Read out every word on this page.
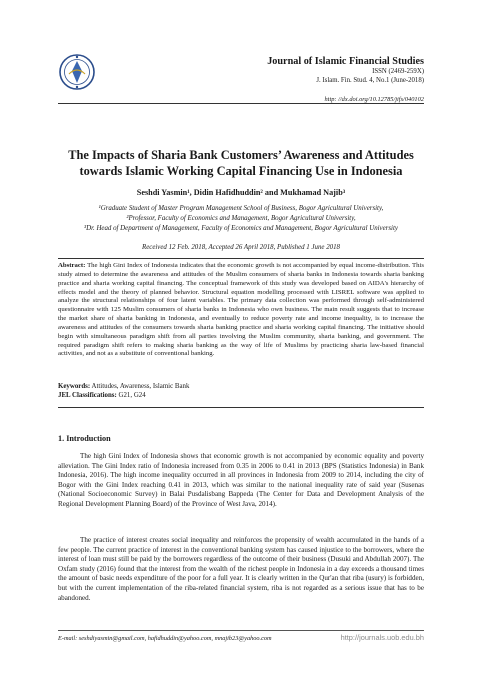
Journal of Islamic Financial Studies
ISSN (2469-259X)
J. Islam. Fin. Stud. 4, No.1 (June-2018)
http: //dx.doi.org/10.12785/jifs/040102
The Impacts of Sharia Bank Customers’ Awareness and Attitudes towards Islamic Working Capital Financing Use in Indonesia
Seshdi Yasmin¹, Didin Hafidhuddin² and Mukhamad Najib³
¹Graduate Student of Master Program Management School of Business, Bogor Agricultural University,
²Professor, Faculty of Economics and Management, Bogor Agricultural University,
³Dr. Head of Department of Management, Faculty of Economics and Management, Bogor Agricultural University
Received 12 Feb. 2018, Accepted 26 April 2018, Published 1 June 2018
Abstract: The high Gini Index of Indonesia indicates that the economic growth is not accompanied by equal income-distribution. This study aimed to determine the awareness and attitudes of the Muslim consumers of sharia banks in Indonesia towards sharia banking practice and sharia working capital financing. The conceptual framework of this study was developed based on AIDA's hierarchy of effects model and the theory of planned behavior. Structural equation modelling processed with LISREL software was applied to analyze the structural relationships of four latent variables. The primary data collection was performed through self-administered questionnaire with 125 Muslim consumers of sharia banks in Indonesia who own business. The main result suggests that to increase the market share of sharia banking in Indonesia, and eventually to reduce poverty rate and income inequality, is to increase the awareness and attitudes of the consumers towards sharia banking practice and sharia working capital financing. The initiative should begin with simultaneous paradigm shift from all parties involving the Muslim community, sharia banking, and government. The required paradigm shift refers to making sharia banking as the way of life of Muslims by practicing sharia law-based financial activities, and not as a substitute of conventional banking.
Keywords: Attitudes, Awareness, Islamic Bank
JEL Classifications: G21, G24
1. Introduction
The high Gini Index of Indonesia shows that economic growth is not accompanied by economic equality and poverty alleviation. The Gini Index ratio of Indonesia increased from 0.35 in 2006 to 0.41 in 2013 (BPS (Statistics Indonesia) in Bank Indonesia, 2016). The high income inequality occurred in all provinces in Indonesia from 2009 to 2014, including the city of Bogor with the Gini Index reaching 0.41 in 2013, which was similar to the national inequality rate of said year (Susenas (National Socioeconomic Survey) in Balai Pusdalisbang Bappeda (The Center for Data and Development Analysis of the Regional Development Planning Board) of the Province of West Java, 2014).
The practice of interest creates social inequality and reinforces the propensity of wealth accumulated in the hands of a few people. The current practice of interest in the conventional banking system has caused injustice to the borrowers, where the interest of loan must still be paid by the borrowers regardless of the outcome of their business (Dusuki and Abdullah 2007). The Oxfam study (2016) found that the interest from the wealth of the richest people in Indonesia in a day exceeds a thousand times the amount of basic needs expenditure of the poor for a full year. It is clearly written in the Qur'an that riba (usury) is forbidden, but with the current implementation of the riba-related financial system, riba is not regarded as a serious issue that has to be abandoned.
E-mail: seshdiyasmin@gmail.com, hafidhuddin@yahoo.com, mnajib23@yahoo.com	http://journals.uob.edu.bh
